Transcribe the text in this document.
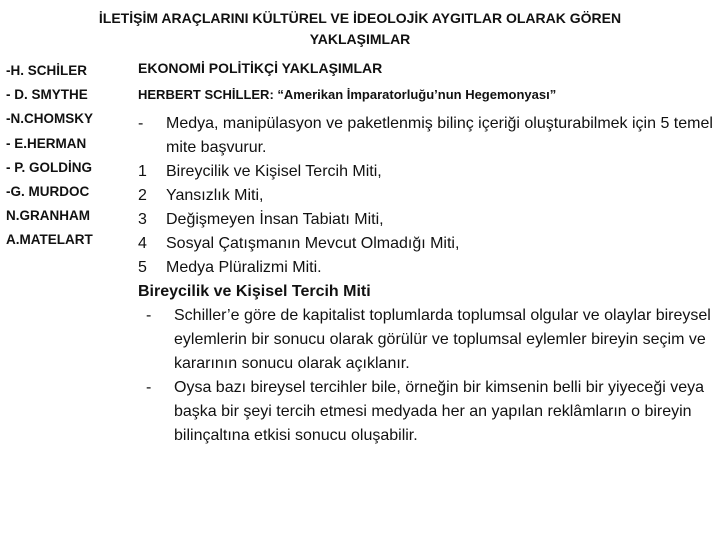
İLETİŞİM ARAÇLARINI KÜLTÜREL VE İDEOLOJİK AYGITLAR OLARAK GÖREN YAKLAŞIMLAR
-H. SCHİLER
- D. SMYTHE
-N.CHOMSKY
- E.HERMAN
- P. GOLDİNG
-G. MURDOC
N.GRANHAM
A.MATELART
EKONOMİ POLİTİKÇİ YAKLAŞIMLAR
HERBERT SCHİLLER: “Amerikan İmparatorluğu’nun Hegemonyası”
-	Medya, manipülasyon ve paketlenmiş bilinç içeriği oluşturabilmek için 5 temel mite başvurur.
1	Bireycilik ve Kişisel Tercih Miti,
2	Yansızlık Miti,
3	Değişmeyen İnsan Tabiatı Miti,
4	Sosyal Çatışmanın Mevcut Olmadığı Miti,
5	Medya Plüralizmi Miti.
Bireycilik ve Kişisel Tercih Miti
-	Schiller’e göre de kapitalist toplumlarda toplumsal olgular ve olaylar bireysel eylemlerin bir sonucu olarak görülür ve toplumsal eylemler bireyin seçim ve kararının sonucu olarak açıklanır.
-	Oysa bazı bireysel tercihler bile, örneğin bir kimsenin belli bir yiyeceği veya başka bir şeyi tercih etmesi medyada her an yapılan reklâmların o bireyin bilinçaltına etkisi sonucu oluşabilir.
